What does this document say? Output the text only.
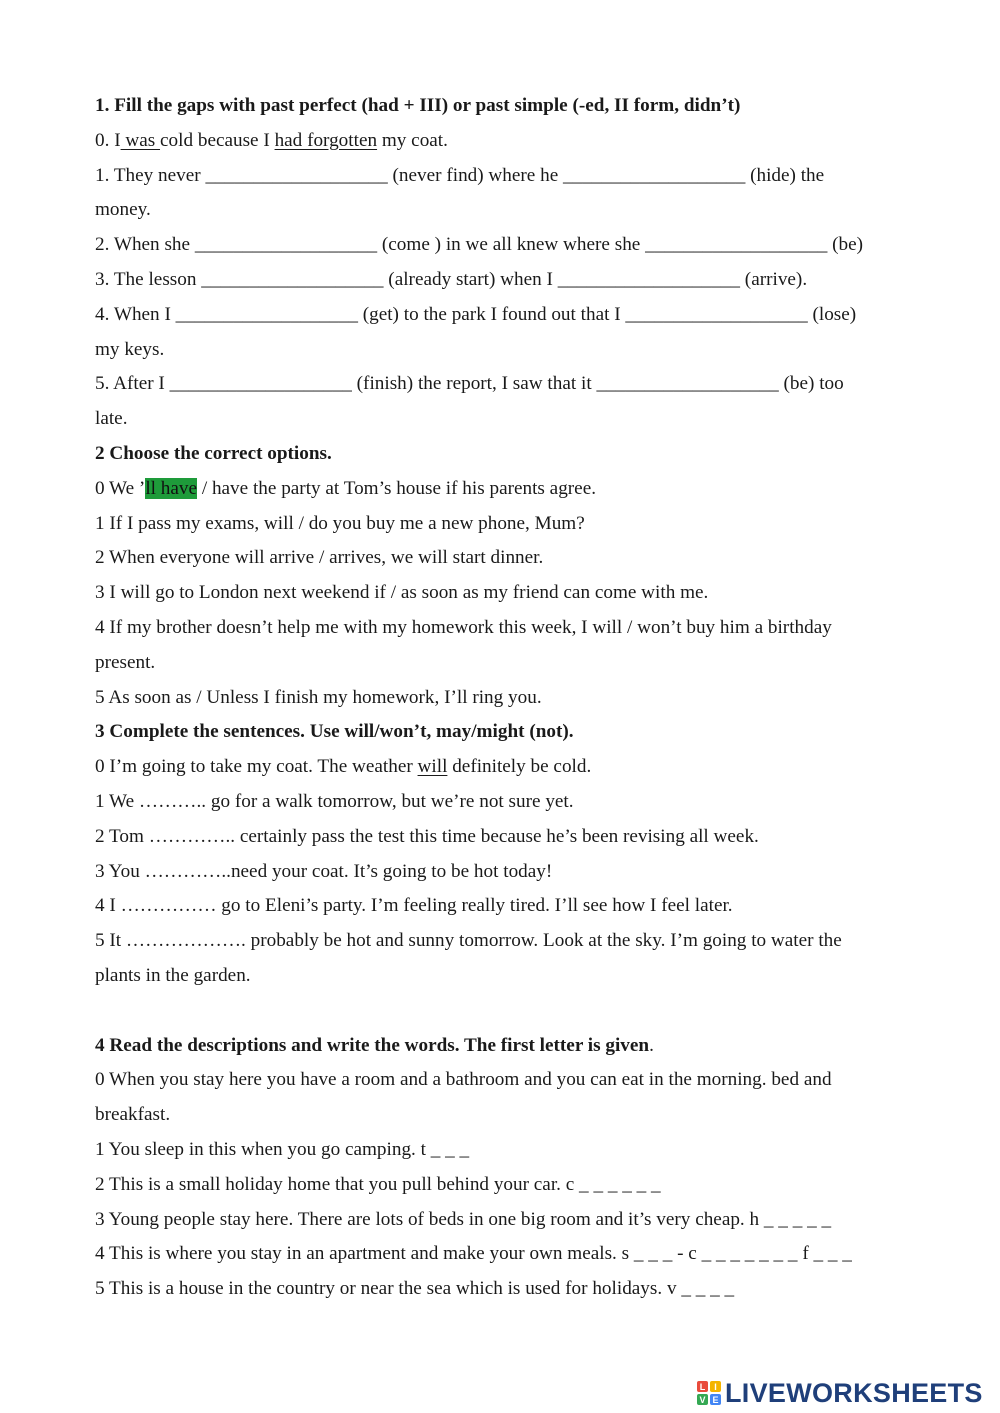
1. Fill the gaps with past perfect (had + III) or past simple (-ed, II form, didn’t)
0. I was cold because I had forgotten my coat.
1. They never ___________________ (never find) where he ___________________ (hide) the
money.
2. When she ___________________ (come ) in we all knew where she ___________________ (be)
3. The lesson ___________________ (already start) when I ___________________ (arrive).
4. When I ___________________ (get) to the park I found out that I ___________________ (lose)
my keys.
5. After I ___________________ (finish) the report, I saw that it ___________________ (be) too
late.
2 Choose the correct options.
0 We ’ll have / have the party at Tom’s house if his parents agree.
1 If I pass my exams, will / do you buy me a new phone, Mum?
2 When everyone will arrive / arrives, we will start dinner.
3 I will go to London next weekend if / as soon as my friend can come with me.
4 If my brother doesn’t help me with my homework this week, I will / won’t buy him a birthday
present.
5 As soon as / Unless I finish my homework, I’ll ring you.
3 Complete the sentences. Use will/won’t, may/might (not).
0 I’m going to take my coat. The weather will definitely be cold.
1 We ……….. go for a walk tomorrow, but we’re not sure yet.
2 Tom ………….. certainly pass the test this time because he’s been revising all week.
3 You …………..need your coat. It’s going to be hot today!
4 I …………… go to Eleni’s party. I’m feeling really tired. I’ll see how I feel later.
5 It ………………. probably be hot and sunny tomorrow. Look at the sky. I’m going to water the
plants in the garden.
4 Read the descriptions and write the words. The first letter is given.
0 When you stay here you have a room and a bathroom and you can eat in the morning. bed and
breakfast.
1 You sleep in this when you go camping. t _ _ _
2 This is a small holiday home that you pull behind your car. c _ _ _ _ _ _
3 Young people stay here. There are lots of beds in one big room and it’s very cheap. h _ _ _ _ _
4 This is where you stay in an apartment and make your own meals. s _ _ _ - c _ _ _ _ _ _ _ f _ _ _
5 This is a house in the country or near the sea which is used for holidays. v _ _ _ _
L I
V E LIVEWORKSHEETS
